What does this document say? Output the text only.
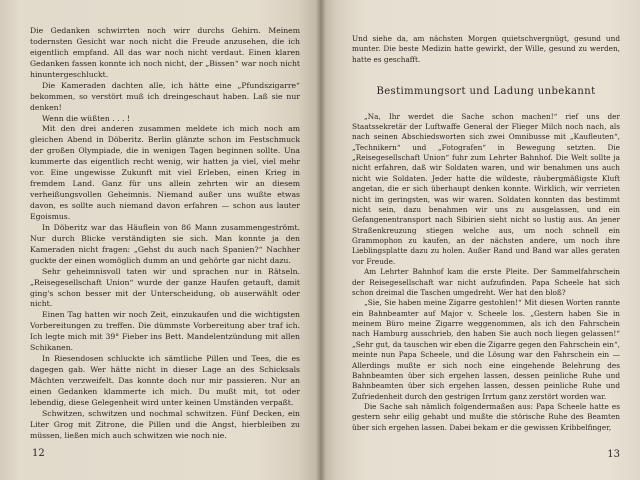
Die Gedanken schwirrten noch wirr durchs Gehirn. Meinem todernsten Gesicht war noch nicht die Freude anzusehen, die ich eigentlich empfand. All das war noch nicht verdaut. Einen klaren Gedanken fassen konnte ich noch nicht, der „Bissen“ war noch nicht hinuntergeschluckt.

Die Kameraden dachten alle, ich hätte eine „Pfundszigarre“ bekommen, so verstört muß ich dreingeschaut haben. Laß sie nur denken!

Wenn die wüßten . . . !

Mit den drei anderen zusammen meldete ich mich noch am gleichen Abend in Döberitz. Berlin glänzte schon im Festschmuck der großen Olympiade, die in wenigen Tagen beginnen sollte. Una kummerte das eigentlich recht wenig, wir hatten ja viel, viel mehr vor. Eine ungewisse Zukunft mit viel Erleben, einen Krieg in fremdem Land. Ganz für uns allein zehrten wir an diesem verheißungsvollen Geheimnis. Niemand außer uns wußte etwas davon, es sollte auch niemand davon erfahren — schon aus lauter Egoismus.

In Döberitz war das Häuflein von 86 Mann zusammengeströmt. Nur durch Blicke verständigten sie sich. Man konnte ja den Kameraden nicht fragen: „Gehst du auch nach Spanien?“ Nachher guckte der einen womöglich dumm an und gehörte gar nicht dazu.

Sehr geheimnisvoll taten wir und sprachen nur in Rätseln. „Reisegesellschaft Union“ wurde der ganze Haufen getauft, damit ging's schon besser mit der Unterscheidung, ob auserwählt oder nicht.

Einen Tag hatten wir noch Zeit, einzukaufen und die wichtigsten Vorbereitungen zu treffen. Die dümmste Vorbereitung aber traf ich. Ich legte mich mit 39° Fieber ins Bett. Mandelentzündung mit allen Schikanen.

In Riesendosen schluckte ich sämtliche Pillen und Tees, die es dagegen gab. Wer hätte nicht in dieser Lage an des Schicksals Mächten verzweifelt. Das konnte doch nur mir passieren. Nur an einen Gedanken klammerte ich mich. Du mußt mit, tot oder lebendig, diese Gelegenheit wird unter keinen Umständen verpaßt.

Schwitzen, schwitzen und nochmal schwitzen. Fünf Decken, ein Liter Grog mit Zitrone, die Pillen und die Angst, hierbleiben zu müssen, ließen mich auch schwitzen wie noch nie.

12

Und siehe da, am nächsten Morgen quietschvergnügt, gesund und munter. Die beste Medizin hatte gewirkt, der Wille, gesund zu werden, hatte es geschafft.

Bestimmungsort und Ladung unbekannt

„Na, Ihr werdet die Sache schon machen!“ rief uns der Staatssekretär der Luftwaffe General der Flieger Milch noch nach, als nach seinen Abschiedsworten sich zwei Omnibusse mit „Kaufleuten“, „Technikern“ und „Fotografen“ in Bewegung setzten. Die „Reisegesellschaft Union“ fuhr zum Lehrter Bahnhof. Die Welt sollte ja nicht erfahren, daß wir Soldaten waren, und wir benahmen uns auch nicht wie Soldaten. Jeder hatte die wildeste, räubergmäßigste Kluft angetan, die er sich überhaupt denken konnte. Wirklich, wir verrieten nicht im geringsten, was wir waren. Soldaten konnten das bestimmt nicht sein, dazu benahmen wir uns zu ausgelassen, und ein Gefangenentransport nach Sibirien sieht nicht so lustig aus. An jener Straßenkreuzung stiegen welche aus, um noch schnell ein Grammophon zu kaufen, an der nächsten andere, um noch ihre Lieblingsplatte dazu zu holen. Außer Rand und Band war alles geraten vor Freude.

Am Lehrter Bahnhof kam die erste Pleite. Der Sammelfahrschein der Reisegesellschaft war nicht aufzufinden. Papa Scheele hat sich schon dreimal die Taschen umgedreht. Wer hat den bloß?

„Sie, Sie haben meine Zigarre gestohlen!“ Mit diesen Worten rannte ein Bahnbeamter auf Major v. Scheele los. „Gestern haben Sie in meinem Büro meine Zigarre weggenommen, als ich den Fahrschein nach Hamburg ausschrieb, den haben Sie auch noch liegen gelassen!“ „Sehr gut, da tauschen wir eben die Zigarre gegen den Fahrschein ein“, meinte nun Papa Scheele, und die Lösung war den Fahrschein ein — Allerdings mußte er sich noch eine eingehende Belehrung des Bahnbeamten über sich ergehen lassen, dessen peinliche Ruhe und Bahnbeamten über sich ergehen lassen, dessen peinliche Ruhe und Zufriedenheit durch den gestrigen Irrtum ganz zerstört worden war.

Die Sache sah nämlich folgendermaßen aus: Papa Scheele hatte es gestern sehr eilig gehabt und mußte die störische Ruhe des Beamten über sich ergehen lassen. Dabei bekam er die gewissen Kribbelfinger,

13
